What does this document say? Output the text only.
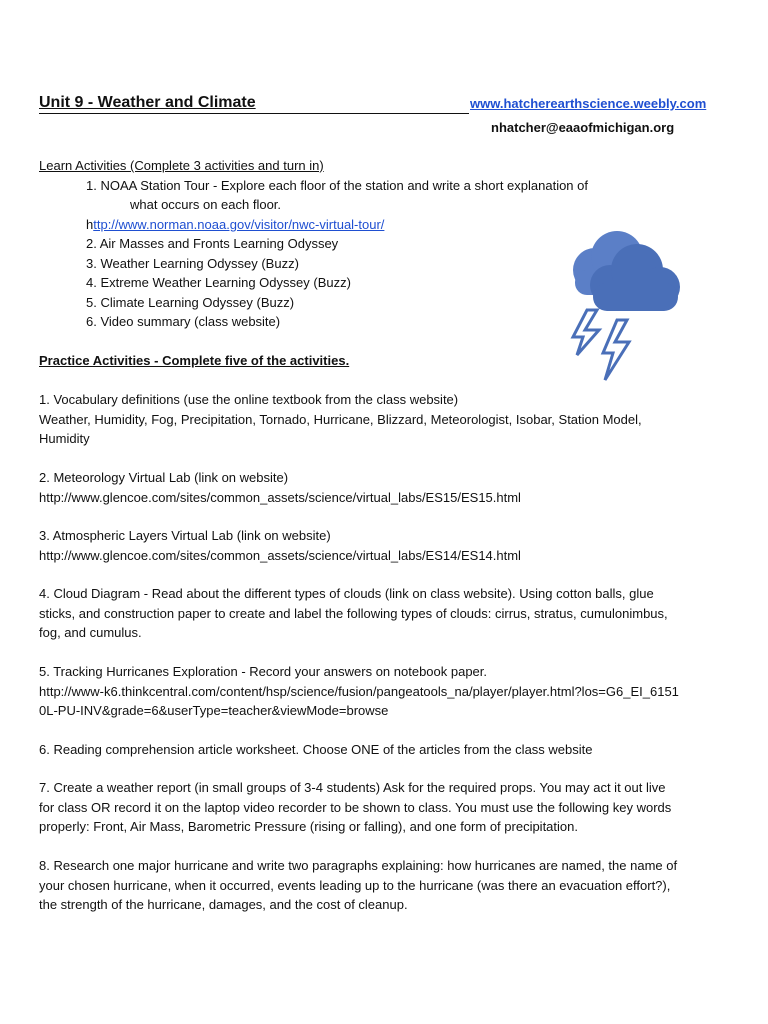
Unit 9 - Weather and Climate	www.hatcherearthscience.weebly.com
nhatcher@eaaofmichigan.org
Learn Activities (Complete 3 activities and turn in)
1. NOAA Station Tour - Explore each floor of the station and write a short explanation of
what occurs on each floor.
http://www.norman.noaa.gov/visitor/nwc-virtual-tour/
2. Air Masses and Fronts Learning Odyssey
3. Weather Learning Odyssey (Buzz)
4. Extreme Weather Learning Odyssey (Buzz)
5. Climate Learning Odyssey (Buzz)
6. Video summary (class website)
Practice Activities - Complete five of the activities.
1. Vocabulary definitions (use the online textbook from the class website)
Weather, Humidity, Fog, Precipitation, Tornado, Hurricane, Blizzard, Meteorologist, Isobar, Station Model,
Humidity
2. Meteorology Virtual Lab (link on website)
http://www.glencoe.com/sites/common_assets/science/virtual_labs/ES15/ES15.html
3. Atmospheric Layers Virtual Lab (link on website)
http://www.glencoe.com/sites/common_assets/science/virtual_labs/ES14/ES14.html
4. Cloud Diagram - Read about the different types of clouds (link on class website). Using cotton balls, glue
sticks, and construction paper to create and label the following types of clouds: cirrus, stratus, cumulonimbus,
fog, and cumulus.
5. Tracking Hurricanes Exploration - Record your answers on notebook paper.
http://www-k6.thinkcentral.com/content/hsp/science/fusion/pangeatools_na/player/player.html?los=G6_EI_6151
0L-PU-INV&grade=6&userType=teacher&viewMode=browse
6. Reading comprehension article worksheet. Choose ONE of the articles from the class website
7. Create a weather report (in small groups of 3-4 students) Ask for the required props. You may act it out live
for class OR record it on the laptop video recorder to be shown to class. You must use the following key words
properly: Front, Air Mass, Barometric Pressure (rising or falling), and one form of precipitation.
8. Research one major hurricane and write two paragraphs explaining: how hurricanes are named, the name of
your chosen hurricane, when it occurred, events leading up to the hurricane (was there an evacuation effort?),
the strength of the hurricane, damages, and the cost of cleanup.
